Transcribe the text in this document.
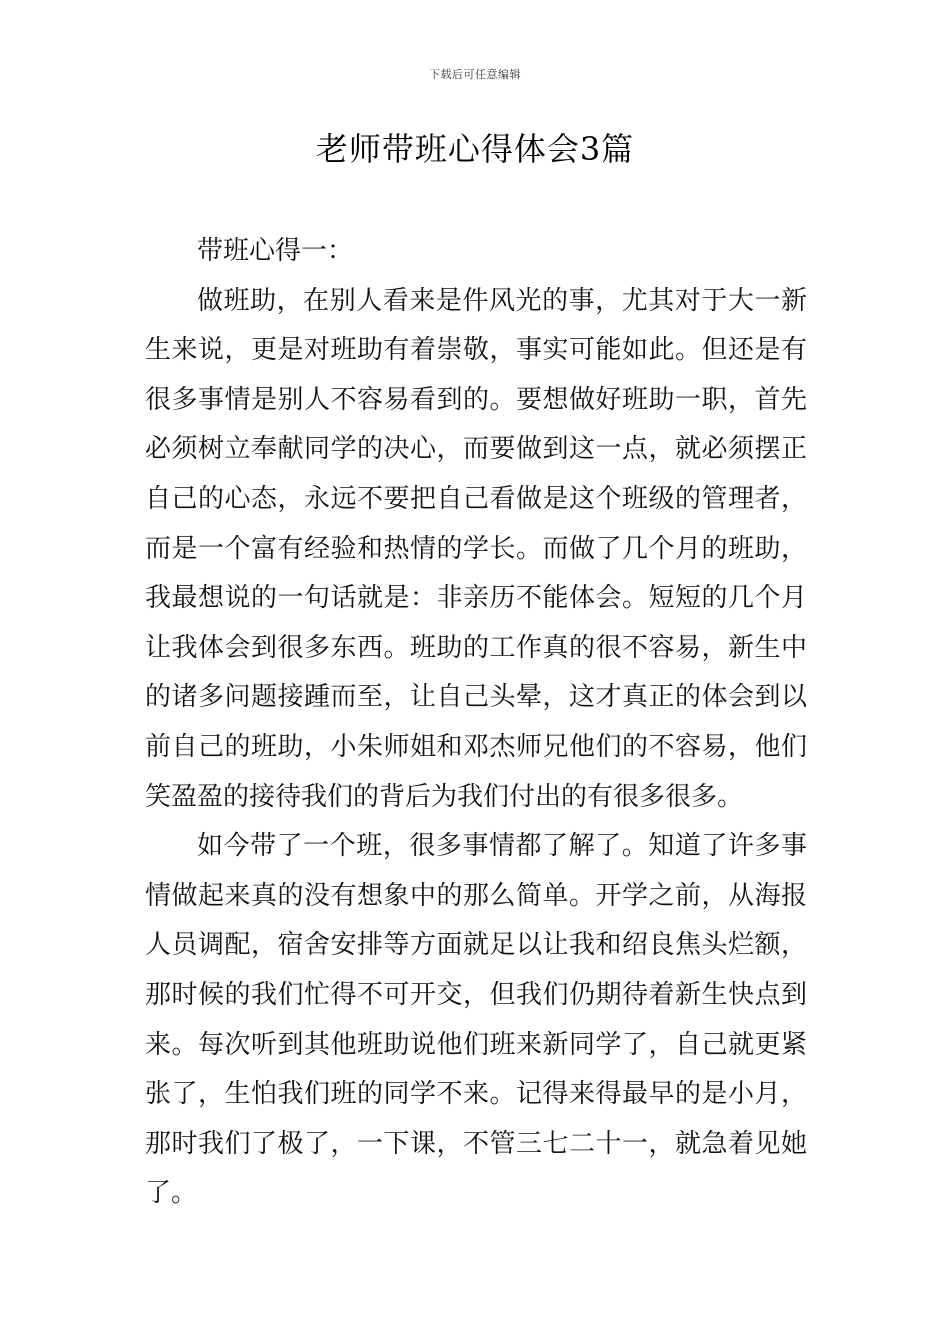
下载后可任意编辑
老师带班心得体会3篇

带班心得一：

做班助，在别人看来是件风光的事，尤其对于大一新生来说，更是对班助有着崇敬，事实可能如此。但还是有很多事情是别人不容易看到的。要想做好班助一职，首先必须树立奉献同学的决心，而要做到这一点，就必须摆正自己的心态，永远不要把自己看做是这个班级的管理者，而是一个富有经验和热情的学长。而做了几个月的班助，我最想说的一句话就是：非亲历不能体会。短短的几个月让我体会到很多东西。班助的工作真的很不容易，新生中的诸多问题接踵而至，让自己头晕，这才真正的体会到以前自己的班助，小朱师姐和邓杰师兄他们的不容易，他们笑盈盈的接待我们的背后为我们付出的有很多很多。

如今带了一个班，很多事情都了解了。知道了许多事情做起来真的没有想象中的那么简单。开学之前，从海报人员调配，宿舍安排等方面就足以让我和绍良焦头烂额，那时候的我们忙得不可开交，但我们仍期待着新生快点到来。每次听到其他班助说他们班来新同学了，自己就更紧张了，生怕我们班的同学不来。记得来得最早的是小月，那时我们了极了，一下课，不管三七二十一，就急着见她了。
